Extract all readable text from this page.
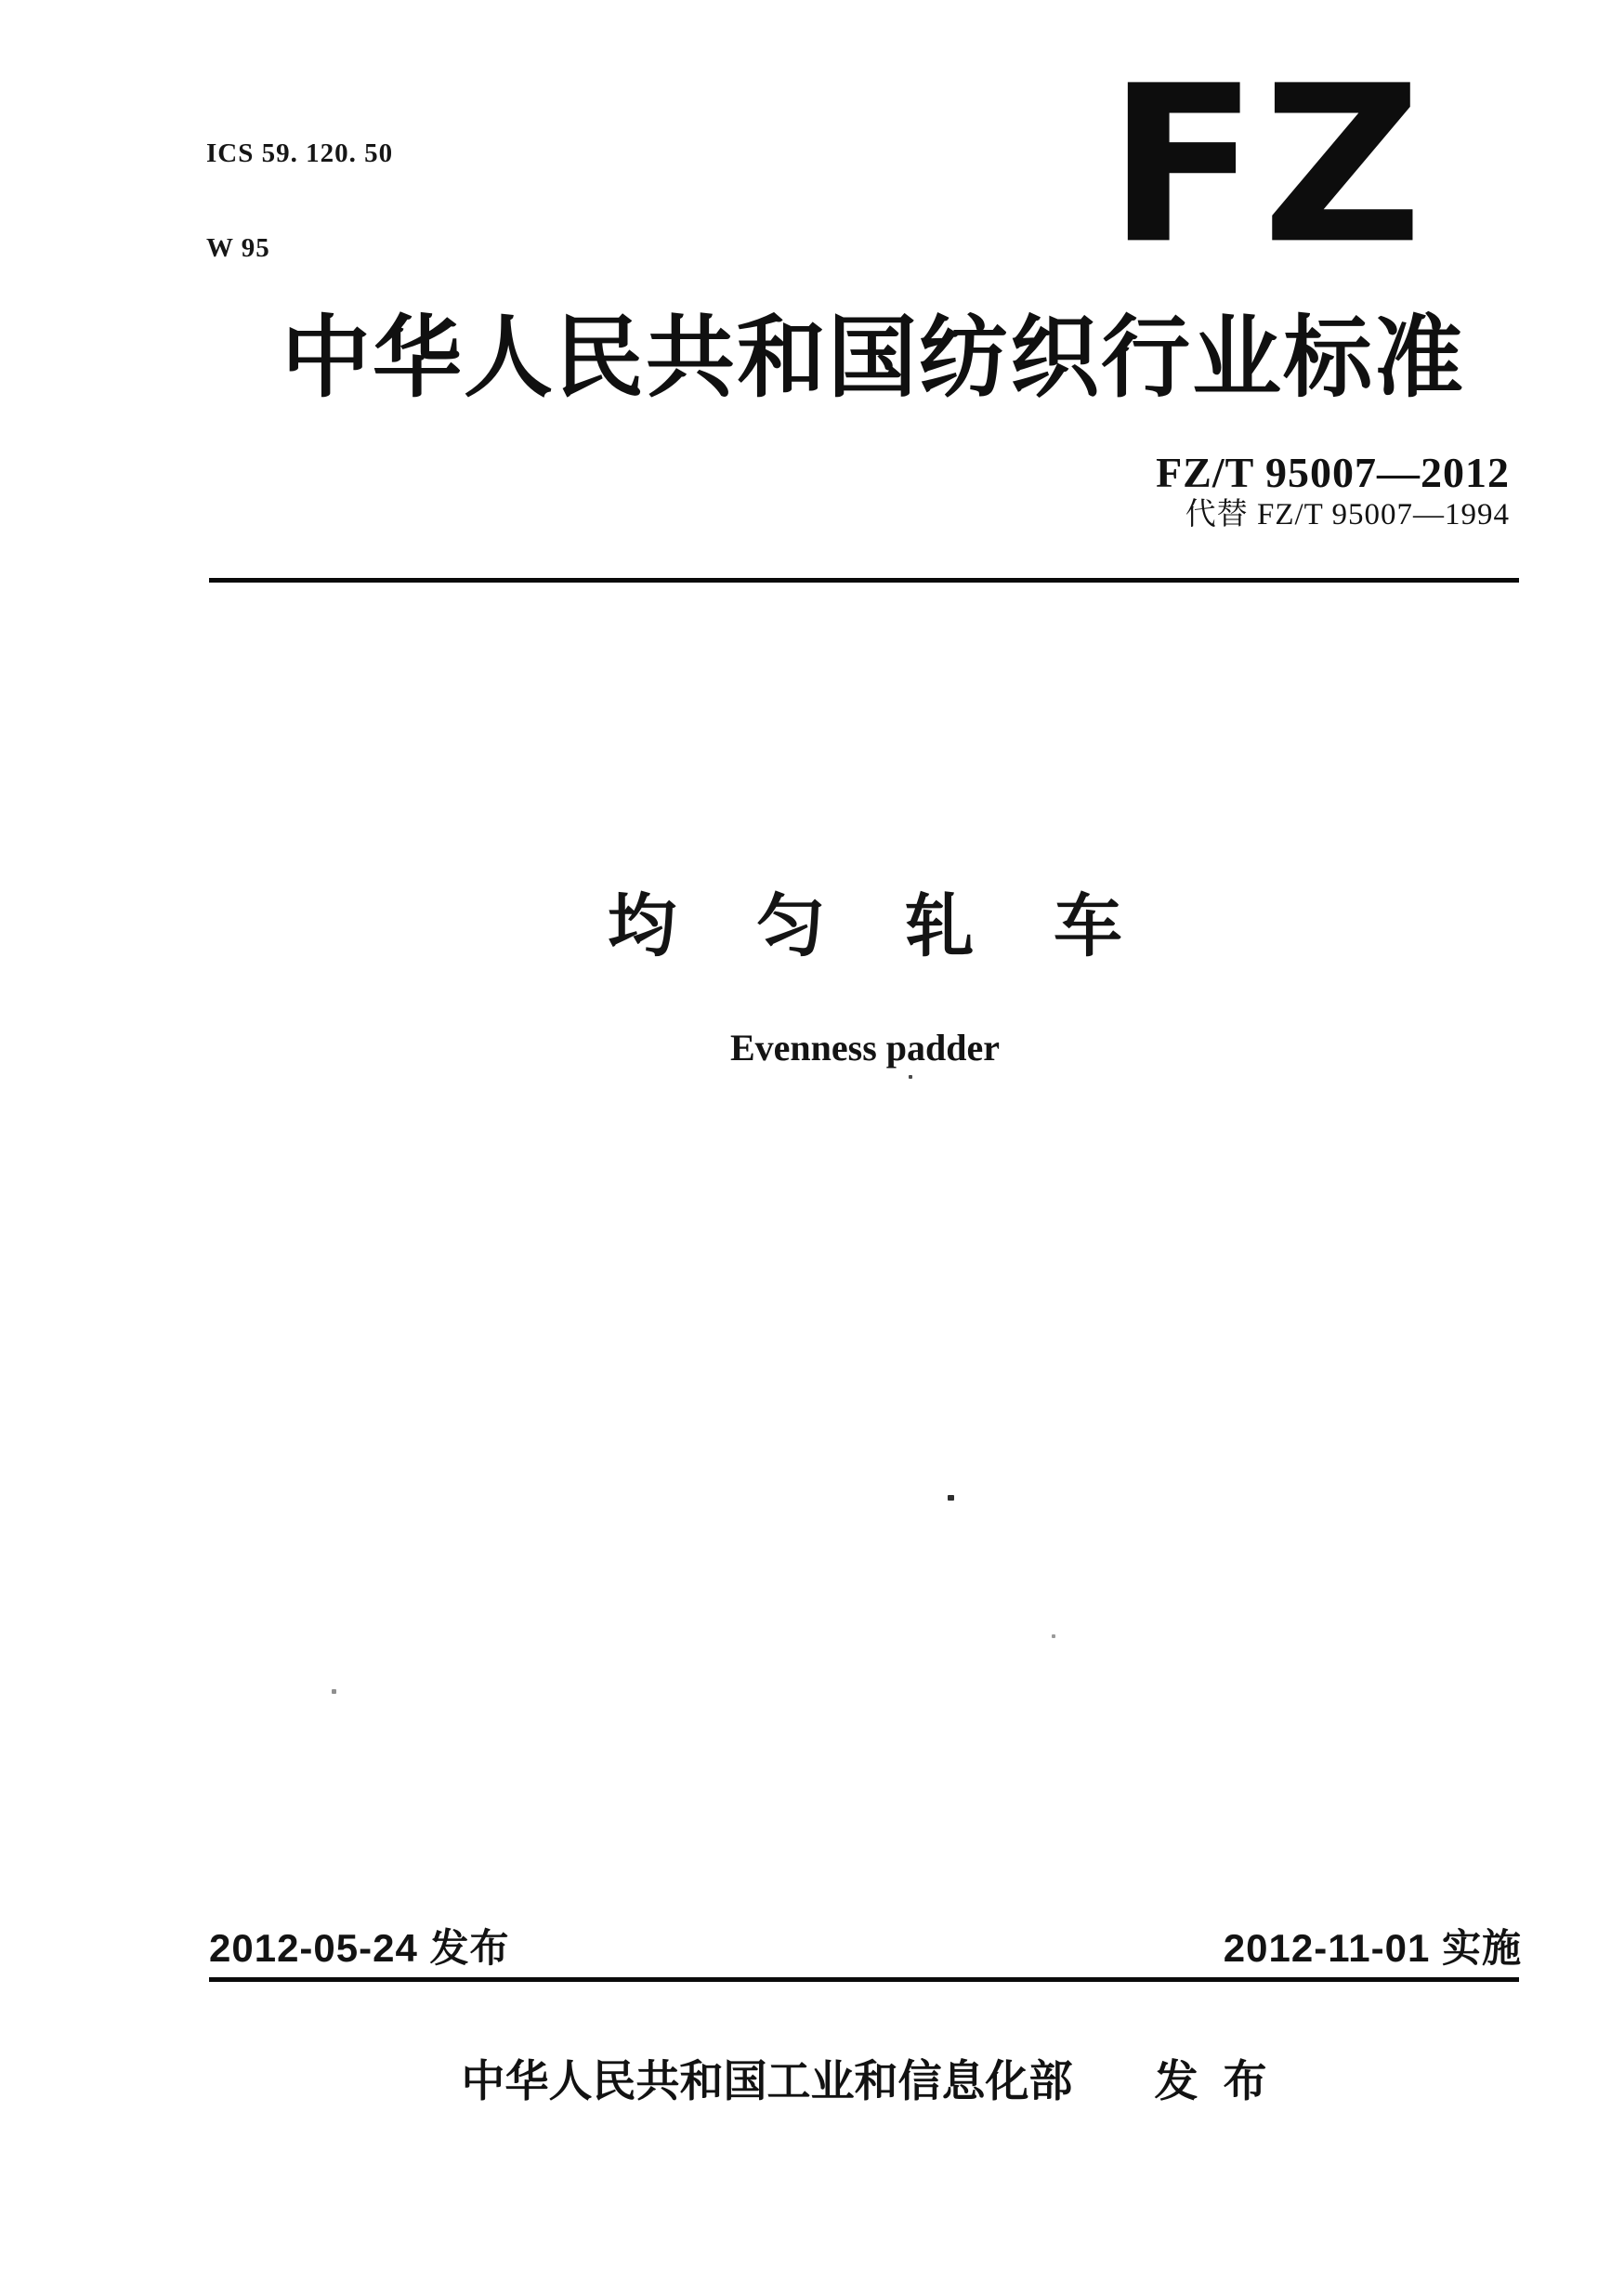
ICS 59. 120. 50

W 95

	FZ
中华人民共和国纺织行业标准
FZ/T 95007—2012
代替 FZ/T 95007—1994
均 匀 轧 车
Evenness padder
2012-05-24 发布	2012-11-01 实施
中华人民共和国工业和信息化部 发 布
